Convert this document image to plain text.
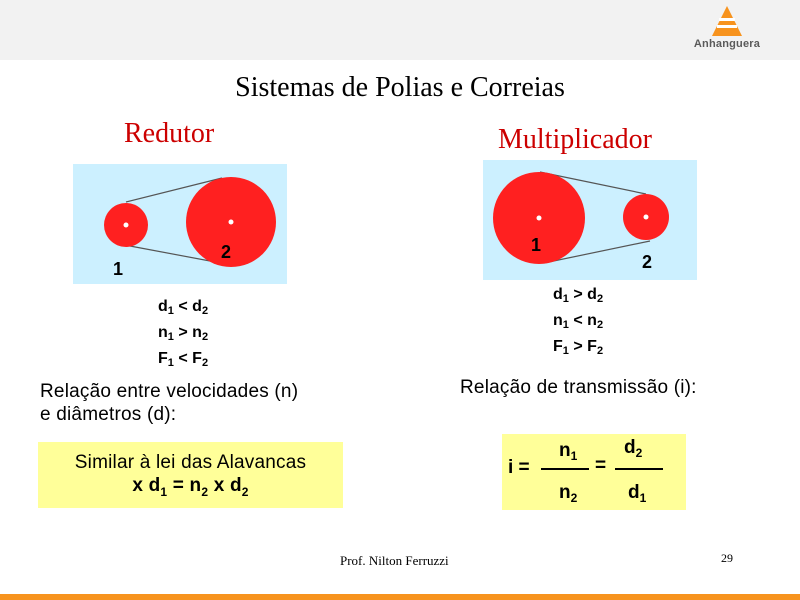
Anhanguera
Sistemas de Polias e Correias
Redutor	Multiplicador
1
2	1
2
$d_1 < d_2$
$n_1 > n_2$
$F_1 < F_2$
$d_1 > d_2$
$n_1 < n_2$
$F_1 > F_2$
Relação entre velocidades (n)
e diâmetros (d):
Relação de transmissão (i):
Similar à lei das Alavancas
x $d_1 = n_2$ x $d_2$
i =
$n_1$
$n_2$
=
$d_2$
$d_1$
Prof. Nilton Ferruzzi	29
